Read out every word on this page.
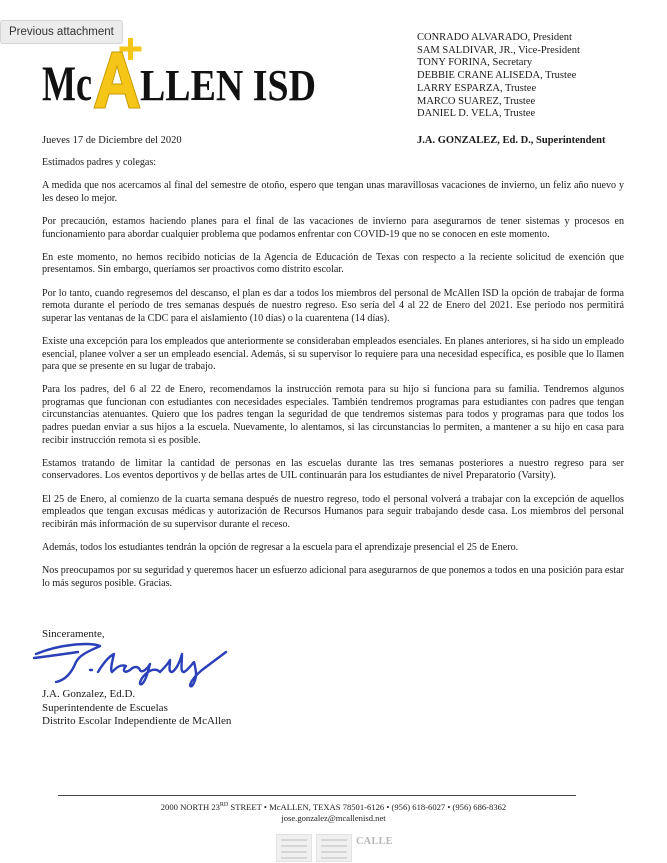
Previous attachment
Mc LLEN ISD
CONRADO ALVARADO, President
SAM SALDIVAR, JR., Vice-President
TONY FORINA, Secretary
DEBBIE CRANE ALISEDA, Trustee
LARRY ESPARZA, Trustee
MARCO SUAREZ, Trustee
DANIEL D. VELA, Trustee
J.A. GONZALEZ, Ed. D., Superintendent
Jueves 17 de Diciembre del 2020

Estimados padres y colegas:

A medida que nos acercamos al final del semestre de otoño, espero que tengan unas maravillosas vacaciones de invierno, un feliz año nuevo y les deseo lo mejor.

Por precaución, estamos haciendo planes para el final de las vacaciones de invierno para asegurarnos de tener sistemas y procesos en funcionamiento para abordar cualquier problema que podamos enfrentar con COVID-19 que no se conocen en este momento.

En este momento, no hemos recibido noticias de la Agencia de Educación de Texas con respecto a la reciente solicitud de exención que presentamos. Sin embargo, queríamos ser proactivos como distrito escolar.

Por lo tanto, cuando regresemos del descanso, el plan es dar a todos los miembros del personal de McAllen ISD la opción de trabajar de forma remota durante el período de tres semanas después de nuestro regreso. Eso sería del 4 al 22 de Enero del 2021. Ese período nos permitirá superar las ventanas de la CDC para el aislamiento (10 días) o la cuarentena (14 días).

Existe una excepción para los empleados que anteriormente se consideraban empleados esenciales. En planes anteriores, si ha sido un empleado esencial, planee volver a ser un empleado esencial. Además, si su supervisor lo requiere para una necesidad específica, es posible que lo llamen para que se presente en su lugar de trabajo.

Para los padres, del 6 al 22 de Enero, recomendamos la instrucción remota para su hijo si funciona para su familia. Tendremos algunos programas que funcionan con estudiantes con necesidades especiales. También tendremos programas para estudiantes con padres que tengan circunstancias atenuantes. Quiero que los padres tengan la seguridad de que tendremos sistemas para todos y programas para que todos los padres puedan enviar a sus hijos a la escuela. Nuevamente, lo alentamos, si las circunstancias lo permiten, a mantener a su hijo en casa para recibir instrucción remota si es posible.

Estamos tratando de limitar la cantidad de personas en las escuelas durante las tres semanas posteriores a nuestro regreso para ser conservadores. Los eventos deportivos y de bellas artes de UIL continuarán para los estudiantes de nivel Preparatorio (Varsity).

El 25 de Enero, al comienzo de la cuarta semana después de nuestro regreso, todo el personal volverá a trabajar con la excepción de aquellos empleados que tengan excusas médicas y autorización de Recursos Humanos para seguir trabajando desde casa. Los miembros del personal recibirán más información de su supervisor durante el receso.

Además, todos los estudiantes tendrán la opción de regresar a la escuela para el aprendizaje presencial el 25 de Enero.

Nos preocupamos por su seguridad y queremos hacer un esfuerzo adicional para asegurarnos de que ponemos a todos en una posición para estar lo más seguros posible. Gracias.

Sinceramente,
J.A. Gonzalez, Ed.D.
Superintendente de Escuelas
Distrito Escolar Independiente de McAllen
2000 NORTH 23RD STREET • McALLEN, TEXAS 78501-6126 • (956) 618-6027 • (956) 686-8362
jose.gonzalez@mcallenisd.net
CALLE
